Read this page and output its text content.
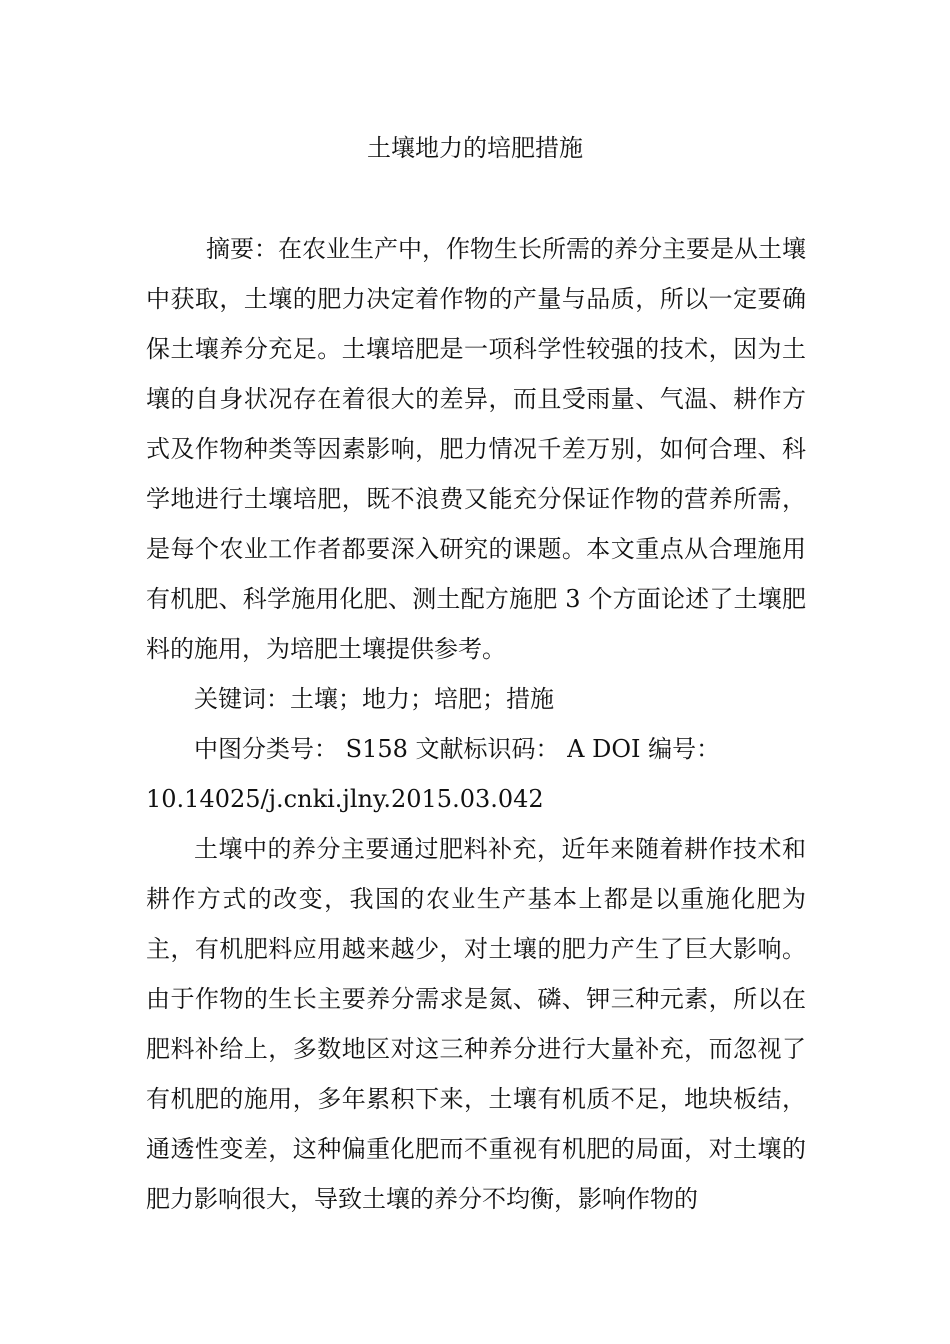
土壤地力的培肥措施

摘要：在农业生产中，作物生长所需的养分主要是从土壤中获取，土壤的肥力决定着作物的产量与品质，所以一定要确保土壤养分充足。土壤培肥是一项科学性较强的技术，因为土壤的自身状况存在着很大的差异，而且受雨量、气温、耕作方式及作物种类等因素影响，肥力情况千差万别，如何合理、科学地进行土壤培肥，既不浪费又能充分保证作物的营养所需，是每个农业工作者都要深入研究的课题。本文重点从合理施用有机肥、科学施用化肥、测土配方施肥 3 个方面论述了土壤肥料的施用，为培肥土壤提供参考。

关键词：土壤；地力；培肥；措施

中图分类号： S158 文献标识码： A DOI 编号：

10.14025/j.cnki.jlny.2015.03.042

土壤中的养分主要通过肥料补充，近年来随着耕作技术和耕作方式的改变，我国的农业生产基本上都是以重施化肥为主，有机肥料应用越来越少，对土壤的肥力产生了巨大影响。由于作物的生长主要养分需求是氮、磷、钾三种元素，所以在肥料补给上，多数地区对这三种养分进行大量补充，而忽视了有机肥的施用，多年累积下来，土壤有机质不足，地块板结，通透性变差，这种偏重化肥而不重视有机肥的局面，对土壤的肥力影响很大，导致土壤的养分不均衡，影响作物的
